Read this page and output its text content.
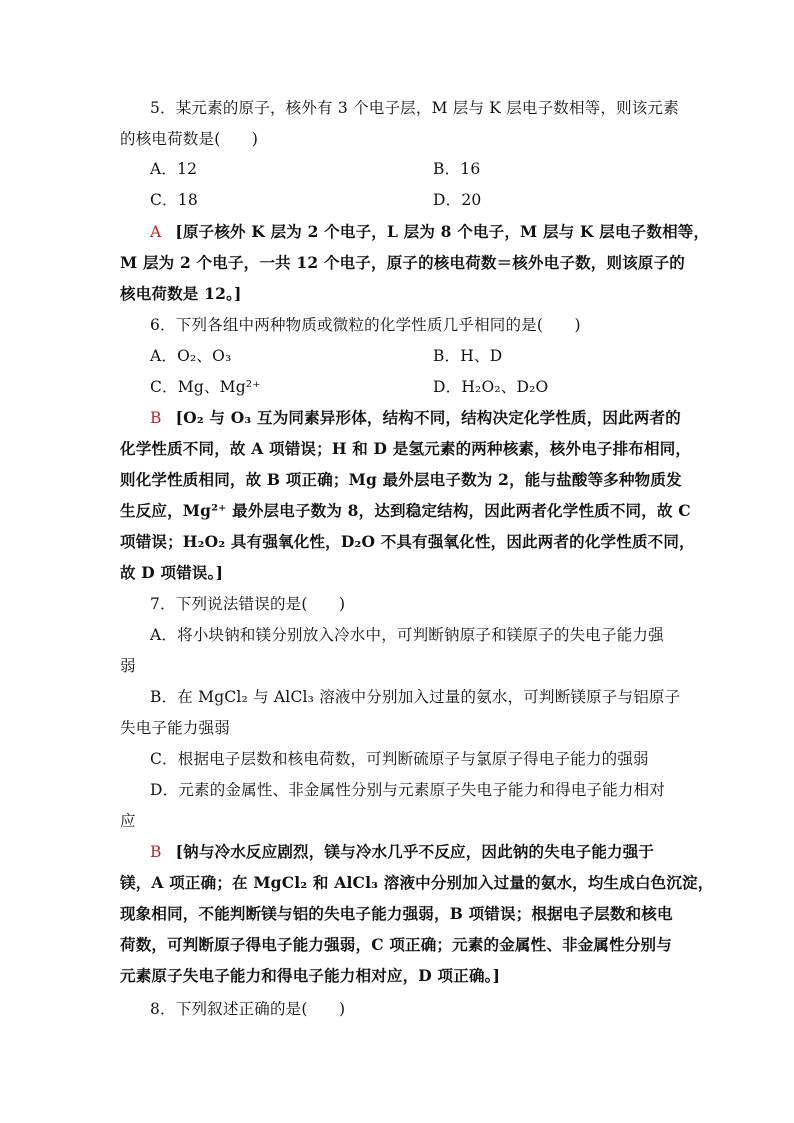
5．某元素的原子，核外有 3 个电子层，M 层与 K 层电子数相等，则该元素
的核电荷数是(　　)
A．12	B．16
C．18	D．20
A [原子核外 K 层为 2 个电子，L 层为 8 个电子，M 层与 K 层电子数相等，
M 层为 2 个电子，一共 12 个电子，原子的核电荷数＝核外电子数，则该原子的
核电荷数是 12。]
6．下列各组中两种物质或微粒的化学性质几乎相同的是(　　)
A．O₂、O₃	B．H、D
C．Mg、Mg²⁺	D．H₂O₂、D₂O
B [O₂ 与 O₃ 互为同素异形体，结构不同，结构决定化学性质，因此两者的
化学性质不同，故 A 项错误；H 和 D 是氢元素的两种核素，核外电子排布相同，
则化学性质相同，故 B 项正确；Mg 最外层电子数为 2，能与盐酸等多种物质发
生反应，Mg²⁺ 最外层电子数为 8，达到稳定结构，因此两者化学性质不同，故 C
项错误；H₂O₂ 具有强氧化性，D₂O 不具有强氧化性，因此两者的化学性质不同，
故 D 项错误。]
7．下列说法错误的是(　　)
A．将小块钠和镁分别放入冷水中，可判断钠原子和镁原子的失电子能力强
弱
B．在 MgCl₂ 与 AlCl₃ 溶液中分别加入过量的氨水，可判断镁原子与铝原子
失电子能力强弱
C．根据电子层数和核电荷数，可判断硫原子与氯原子得电子能力的强弱
D．元素的金属性、非金属性分别与元素原子失电子能力和得电子能力相对
应
B [钠与冷水反应剧烈，镁与冷水几乎不反应，因此钠的失电子能力强于
镁，A 项正确；在 MgCl₂ 和 AlCl₃ 溶液中分别加入过量的氨水，均生成白色沉淀，
现象相同，不能判断镁与铝的失电子能力强弱，B 项错误；根据电子层数和核电
荷数，可判断原子得电子能力强弱，C 项正确；元素的金属性、非金属性分别与
元素原子失电子能力和得电子能力相对应，D 项正确。]
8．下列叙述正确的是(　　)
